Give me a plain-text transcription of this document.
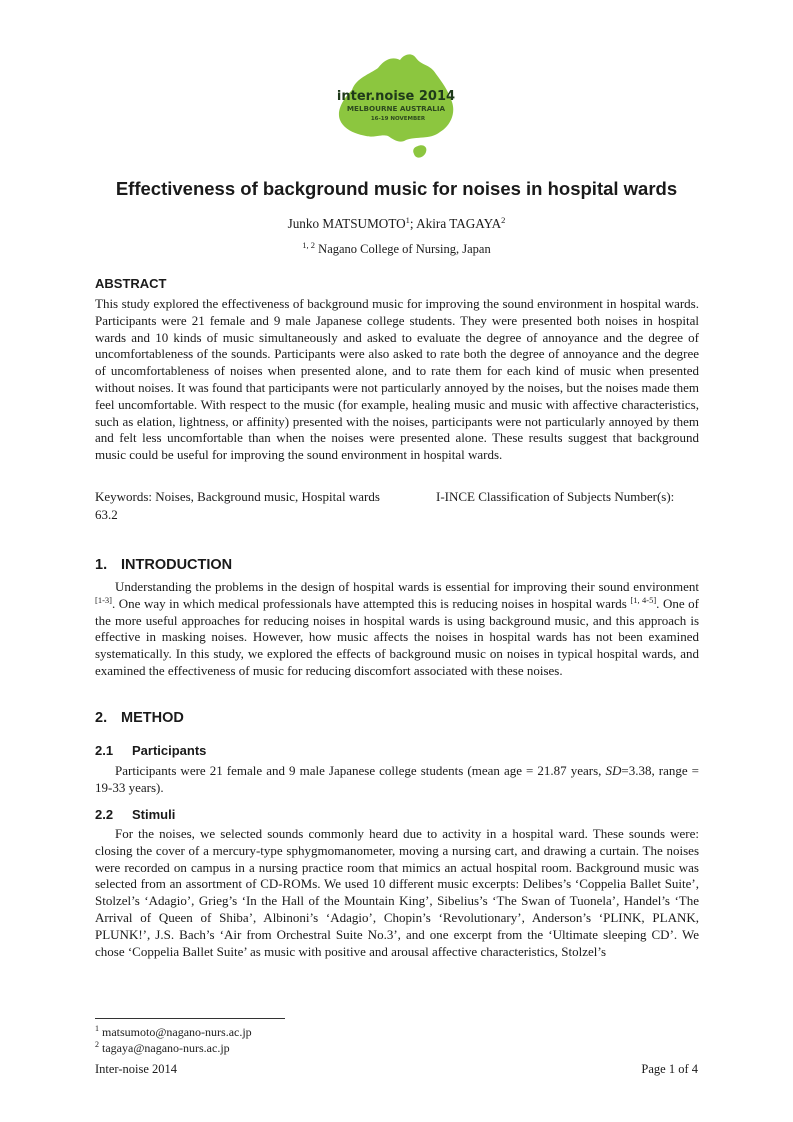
inter.noise 2014
MELBOURNE AUSTRALIA
16-19 NOVEMBER
Effectiveness of background music for noises in hospital wards
Junko MATSUMOTO$^1$; Akira TAGAYA$^2$
$^{1, 2}$ Nagano College of Nursing, Japan
ABSTRACT

This study explored the effectiveness of background music for improving the sound environment in hospital wards. Participants were 21 female and 9 male Japanese college students. They were presented both noises in hospital wards and 10 kinds of music simultaneously and asked to evaluate the degree of annoyance and the degree of uncomfortableness of the sounds. Participants were also asked to rate both the degree of annoyance and the degree of uncomfortableness of noises when presented alone, and to rate them for each kind of music when presented without noises. It was found that participants were not particularly annoyed by the noises, but the noises made them feel uncomfortable. With respect to the music (for example, healing music and music with affective characteristics, such as elation, lightness, or affinity) presented with the noises, participants were not particularly annoyed by them and felt less uncomfortable than when the noises were presented alone. These results suggest that background music could be useful for improving the sound environment in hospital wards.

Keywords: Noises, Background music, Hospital wards	I-INCE Classification of Subjects Number(s):
63.2
1. INTRODUCTION

Understanding the problems in the design of hospital wards is essential for improving their sound environment [1-3]. One way in which medical professionals have attempted this is reducing noises in hospital wards [1, 4-5]. One of the more useful approaches for reducing noises in hospital wards is using background music, and this approach is effective in masking noises. However, how music affects the noises in hospital wards has not been examined systematically. In this study, we explored the effects of background music on noises in typical hospital wards, and examined the effectiveness of music for reducing discomfort associated with these noises.

2. METHOD
2.1 Participants

Participants were 21 female and 9 male Japanese college students (mean age = 21.87 years, SD=3.38, range = 19-33 years).

2.2 Stimuli

For the noises, we selected sounds commonly heard due to activity in a hospital ward. These sounds were: closing the cover of a mercury-type sphygmomanometer, moving a nursing cart, and drawing a curtain. The noises were recorded on campus in a nursing practice room that mimics an actual hospital room. Background music was selected from an assortment of CD-ROMs. We used 10 different music excerpts: Delibes’s ‘Coppelia Ballet Suite’, Stolzel’s ‘Adagio’, Grieg’s ‘In the Hall of the Mountain King’, Sibelius’s ‘The Swan of Tuonela’, Handel’s ‘The Arrival of Queen of Shiba’, Albinoni’s ‘Adagio’, Chopin’s ‘Revolutionary’, Anderson’s ‘PLINK, PLANK, PLUNK!’, J.S. Bach’s ‘Air from Orchestral Suite No.3’, and one excerpt from the ‘Ultimate sleeping CD’. We chose ‘Coppelia Ballet Suite’ as music with positive and arousal affective characteristics, Stolzel’s

$^1$ matsumoto@nagano-nurs.ac.jp
$^2$ tagaya@nagano-nurs.ac.jp
Inter-noise 2014	Page 1 of 4
